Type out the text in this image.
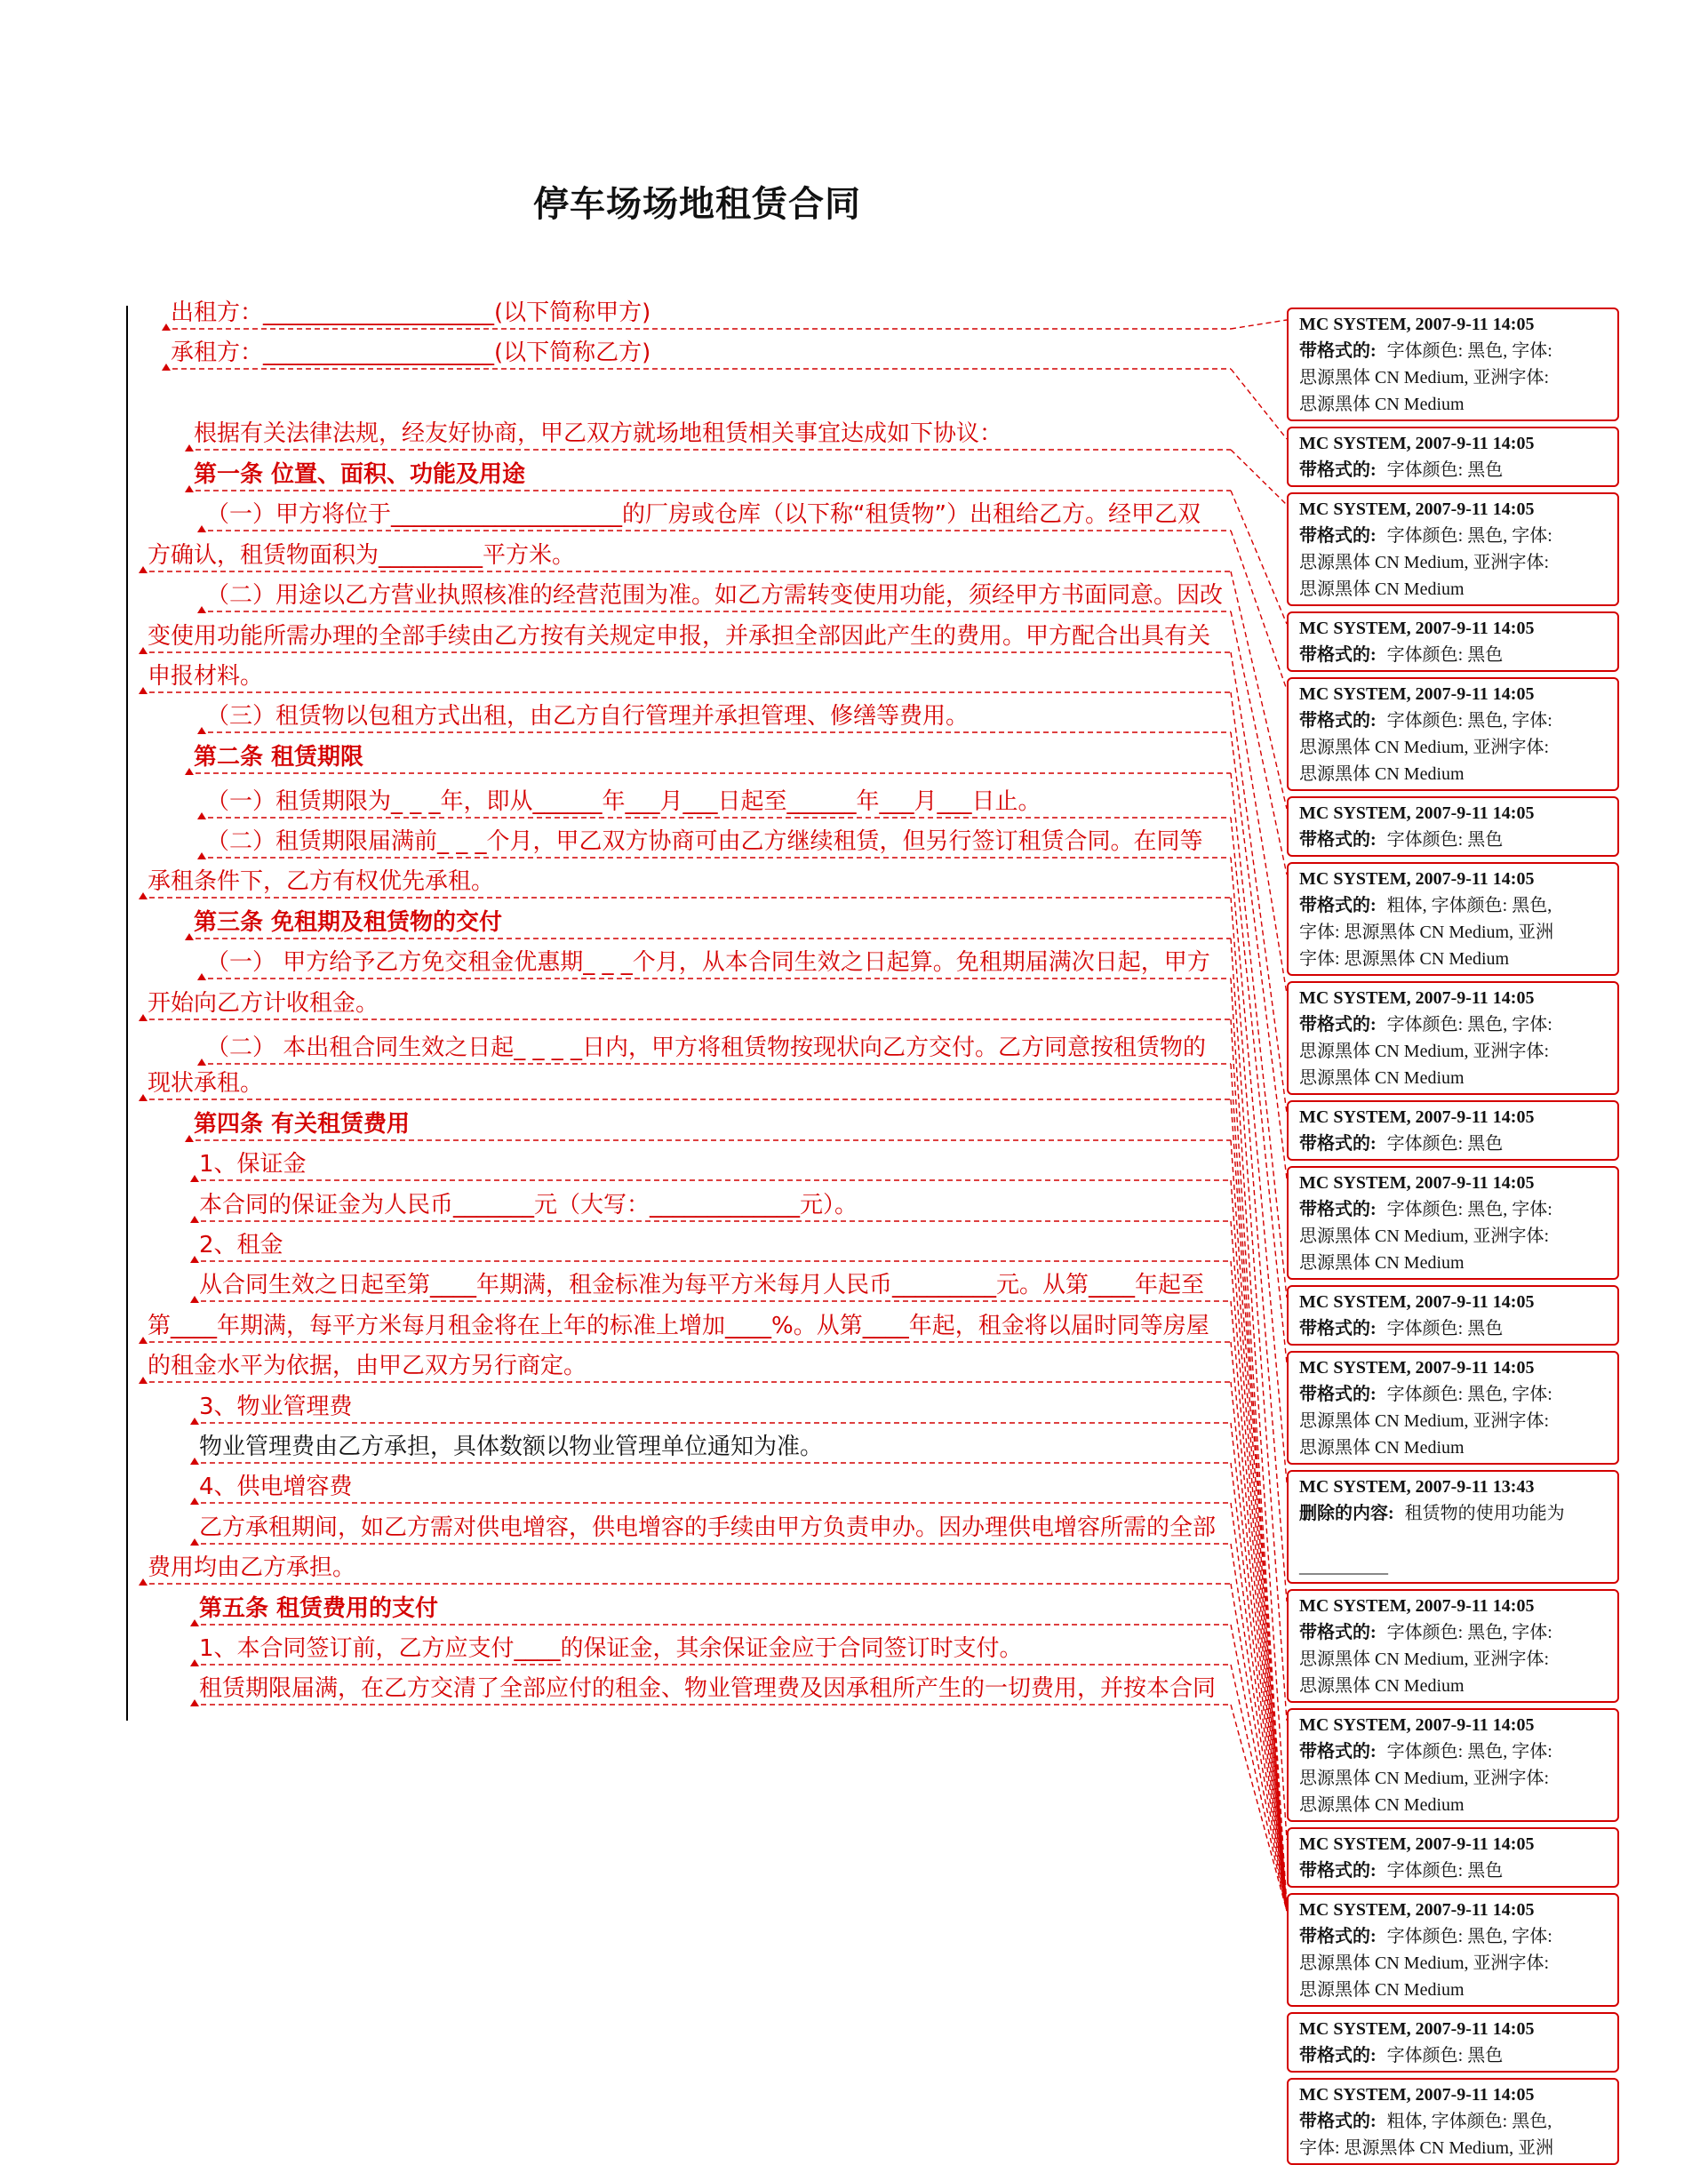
停车场场地租赁合同
出租方：____________________(以下简称甲方)
承租方：____________________(以下简称乙方)
根据有关法律法规，经友好协商，甲乙双方就场地租赁相关事宜达成如下协议：
第一条 位置、面积、功能及用途
（一）甲方将位于____________________的厂房或仓库（以下称“租赁物”）出租给乙方。经甲乙双
方确认，租赁物面积为_________平方米。
（二）用途以乙方营业执照核准的经营范围为准。如乙方需转变使用功能，须经甲方书面同意。因改
变使用功能所需办理的全部手续由乙方按有关规定申报，并承担全部因此产生的费用。甲方配合出具有关
申报材料。
（三）租赁物以包租方式出租，由乙方自行管理并承担管理、修缮等费用。
第二条 租赁期限
（一）租赁期限为_ _ _年，即从______年___月___日起至______年___月___日止。
（二）租赁期限届满前_ _ _个月，甲乙双方协商可由乙方继续租赁，但另行签订租赁合同。在同等
承租条件下，乙方有权优先承租。
第三条 免租期及租赁物的交付
（一） 甲方给予乙方免交租金优惠期_ _ _个月，从本合同生效之日起算。免租期届满次日起，甲方
开始向乙方计收租金。
（二） 本出租合同生效之日起_ _ _ _日内，甲方将租赁物按现状向乙方交付。乙方同意按租赁物的
现状承租。
第四条 有关租赁费用
1、保证金
本合同的保证金为人民币_______元（大写：_____________元）。
2、租金
从合同生效之日起至第____年期满，租金标准为每平方米每月人民币_________元。从第____年起至
第____年期满，每平方米每月租金将在上年的标准上增加____%。从第____年起，租金将以届时同等房屋
的租金水平为依据，由甲乙双方另行商定。
3、物业管理费
物业管理费由乙方承担，具体数额以物业管理单位通知为准。
4、供电增容费
乙方承租期间，如乙方需对供电增容，供电增容的手续由甲方负责申办。因办理供电增容所需的全部
费用均由乙方承担。
第五条 租赁费用的支付
1、本合同签订前，乙方应支付____的保证金，其余保证金应于合同签订时支付。
租赁期限届满，在乙方交清了全部应付的租金、物业管理费及因承租所产生的一切费用，并按本合同
MC SYSTEM, 2007-9-11 14:05
带格式的: 字体颜色: 黑色, 字体:
思源黑体 CN Medium, 亚洲字体:
思源黑体 CN Medium
MC SYSTEM, 2007-9-11 14:05
带格式的: 字体颜色: 黑色
MC SYSTEM, 2007-9-11 14:05
带格式的: 字体颜色: 黑色, 字体:
思源黑体 CN Medium, 亚洲字体:
思源黑体 CN Medium
MC SYSTEM, 2007-9-11 14:05
带格式的: 字体颜色: 黑色
MC SYSTEM, 2007-9-11 14:05
带格式的: 字体颜色: 黑色, 字体:
思源黑体 CN Medium, 亚洲字体:
思源黑体 CN Medium
MC SYSTEM, 2007-9-11 14:05
带格式的: 字体颜色: 黑色
MC SYSTEM, 2007-9-11 14:05
带格式的: 粗体, 字体颜色: 黑色,
字体: 思源黑体 CN Medium, 亚洲
字体: 思源黑体 CN Medium
MC SYSTEM, 2007-9-11 14:05
带格式的: 字体颜色: 黑色, 字体:
思源黑体 CN Medium, 亚洲字体:
思源黑体 CN Medium
MC SYSTEM, 2007-9-11 14:05
带格式的: 字体颜色: 黑色
MC SYSTEM, 2007-9-11 14:05
带格式的: 字体颜色: 黑色, 字体:
思源黑体 CN Medium, 亚洲字体:
思源黑体 CN Medium
MC SYSTEM, 2007-9-11 14:05
带格式的: 字体颜色: 黑色
MC SYSTEM, 2007-9-11 14:05
带格式的: 字体颜色: 黑色, 字体:
思源黑体 CN Medium, 亚洲字体:
思源黑体 CN Medium
MC SYSTEM, 2007-9-11 13:43
删除的内容: 租赁物的使用功能为
__________
MC SYSTEM, 2007-9-11 14:05
带格式的: 字体颜色: 黑色, 字体:
思源黑体 CN Medium, 亚洲字体:
思源黑体 CN Medium
MC SYSTEM, 2007-9-11 14:05
带格式的: 字体颜色: 黑色, 字体:
思源黑体 CN Medium, 亚洲字体:
思源黑体 CN Medium
MC SYSTEM, 2007-9-11 14:05
带格式的: 字体颜色: 黑色
MC SYSTEM, 2007-9-11 14:05
带格式的: 字体颜色: 黑色, 字体:
思源黑体 CN Medium, 亚洲字体:
思源黑体 CN Medium
MC SYSTEM, 2007-9-11 14:05
带格式的: 字体颜色: 黑色
MC SYSTEM, 2007-9-11 14:05
带格式的: 粗体, 字体颜色: 黑色,
字体: 思源黑体 CN Medium, 亚洲
